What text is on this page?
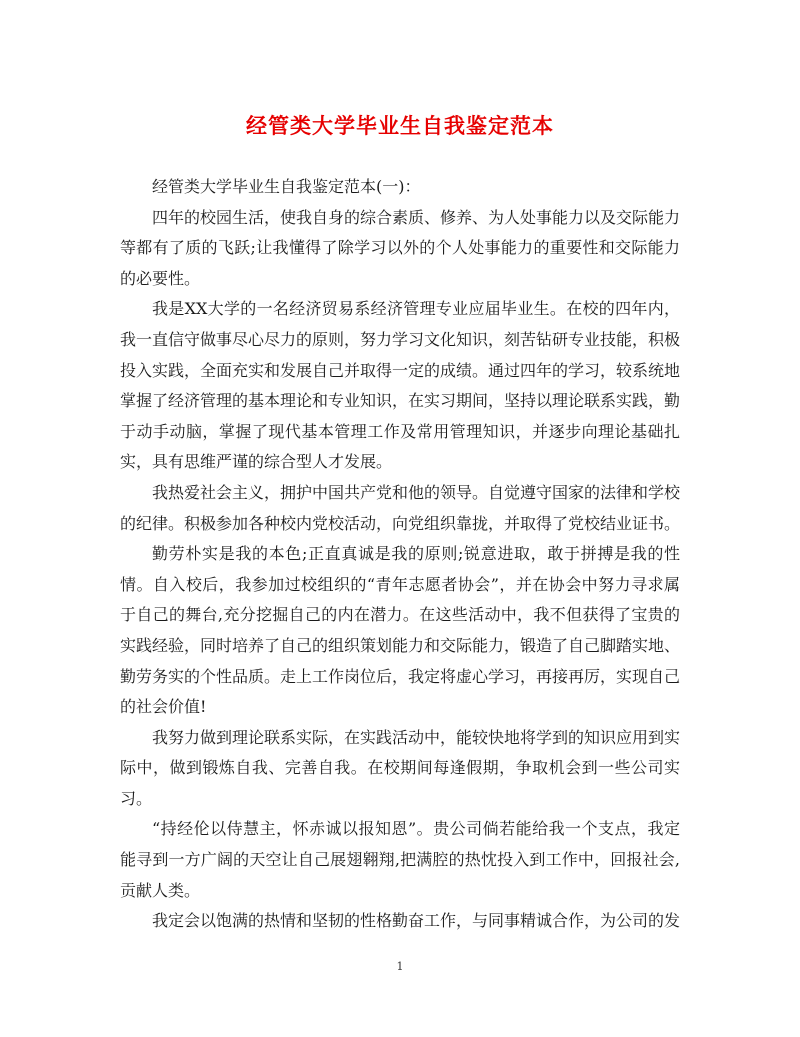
经管类大学毕业生自我鉴定范本

经管类大学毕业生自我鉴定范本(一)：

四年的校园生活，使我自身的综合素质、修养、为人处事能力以及交际能力等都有了质的飞跃;让我懂得了除学习以外的个人处事能力的重要性和交际能力的必要性。

我是XX大学的一名经济贸易系经济管理专业应届毕业生。在校的四年内，我一直信守做事尽心尽力的原则，努力学习文化知识，刻苦钻研专业技能，积极投入实践，全面充实和发展自己并取得一定的成绩。通过四年的学习，较系统地掌握了经济管理的基本理论和专业知识，在实习期间，坚持以理论联系实践，勤于动手动脑，掌握了现代基本管理工作及常用管理知识，并逐步向理论基础扎实，具有思维严谨的综合型人才发展。

我热爱社会主义，拥护中国共产党和他的领导。自觉遵守国家的法律和学校的纪律。积极参加各种校内党校活动，向党组织靠拢，并取得了党校结业证书。

勤劳朴实是我的本色;正直真诚是我的原则;锐意进取，敢于拼搏是我的性情。自入校后，我参加过校组织的“青年志愿者协会”，并在协会中努力寻求属于自己的舞台,充分挖掘自己的内在潜力。在这些活动中，我不但获得了宝贵的实践经验，同时培养了自己的组织策划能力和交际能力，锻造了自己脚踏实地、勤劳务实的个性品质。走上工作岗位后，我定将虚心学习，再接再厉，实现自己的社会价值!

我努力做到理论联系实际，在实践活动中，能较快地将学到的知识应用到实际中，做到锻炼自我、完善自我。在校期间每逢假期，争取机会到一些公司实习。

“持经伦以侍慧主，怀赤诚以报知恩”。贵公司倘若能给我一个支点，我定能寻到一方广阔的天空让自己展翅翱翔,把满腔的热忱投入到工作中，回报社会,贡献人类。

我定会以饱满的热情和坚韧的性格勤奋工作，与同事精诚合作，为公司的发

1
